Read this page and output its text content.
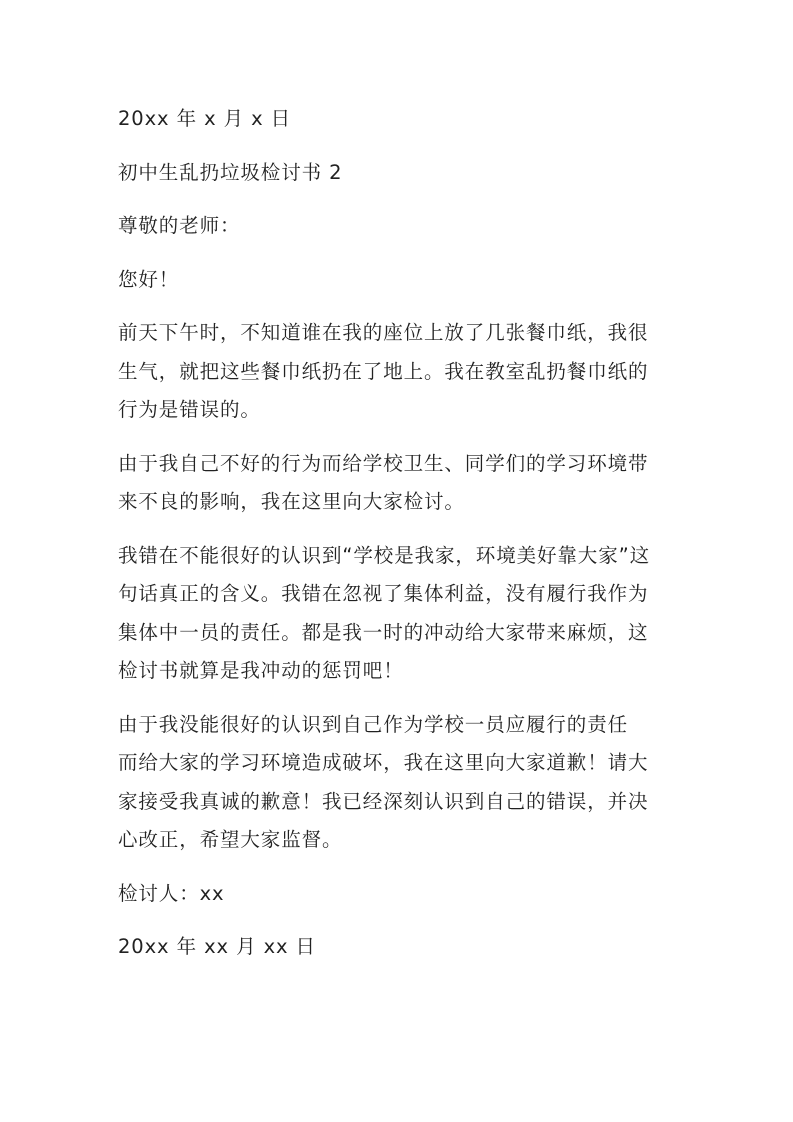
20xx 年 x 月 x 日
初中生乱扔垃圾检讨书 2
尊敬的老师：
您好！
前天下午时，不知道谁在我的座位上放了几张餐巾纸，我很
生气，就把这些餐巾纸扔在了地上。我在教室乱扔餐巾纸的
行为是错误的。
由于我自己不好的行为而给学校卫生、同学们的学习环境带
来不良的影响，我在这里向大家检讨。
我错在不能很好的认识到“学校是我家，环境美好靠大家”这
句话真正的含义。我错在忽视了集体利益，没有履行我作为
集体中一员的责任。都是我一时的冲动给大家带来麻烦，这
检讨书就算是我冲动的惩罚吧！
由于我没能很好的认识到自己作为学校一员应履行的责任
而给大家的学习环境造成破坏，我在这里向大家道歉！请大
家接受我真诚的歉意！我已经深刻认识到自己的错误，并决
心改正，希望大家监督。
检讨人：xx
20xx 年 xx 月 xx 日
